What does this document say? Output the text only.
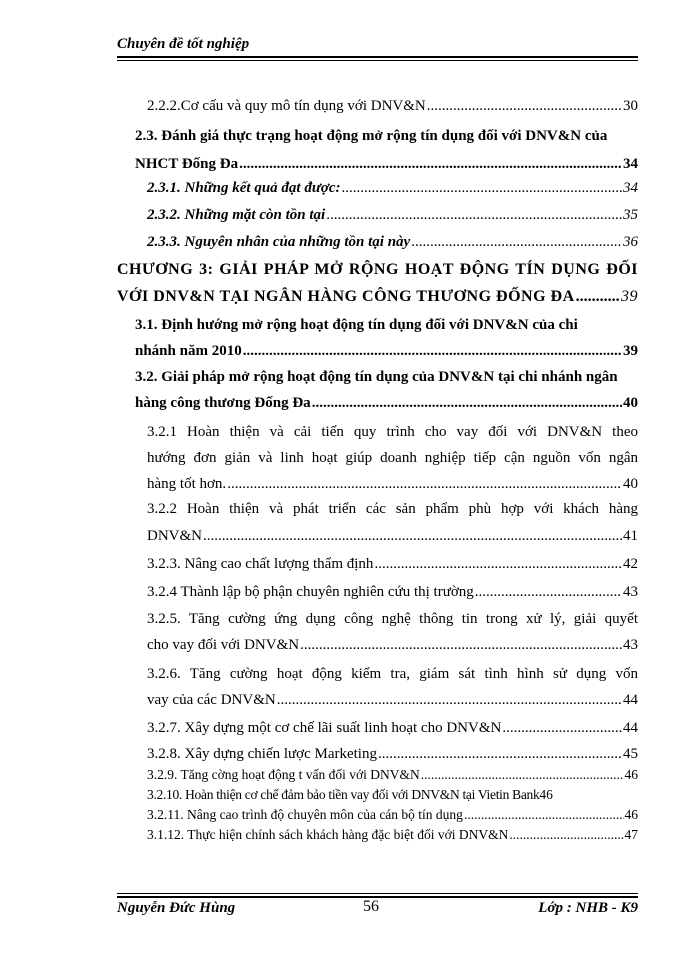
Chuyên đề tốt nghiệp
2.2.2.Cơ cấu và quy mô tín dụng với DNV&N .....	30
2.3. Đánh giá thực trạng hoạt động mở rộng tín dụng đối với DNV&N của
NHCT Đống Đa .....	34
2.3.1. Những kết quả đạt được: .....	34
2.3.2. Những mặt còn tồn tại .....	35
2.3.3. Nguyên nhân của những tồn tại này .....	36
CHƯƠNG 3: GIẢI PHÁP MỞ RỘNG HOẠT ĐỘNG TÍN DỤNG ĐỐI
VỚI DNV&N TẠI NGÂN HÀNG CÔNG THƯƠNG ĐỐNG ĐA .....	39
3.1. Định hướng mở rộng hoạt động tín dụng đối với DNV&N của chi
nhánh năm 2010 .....	39
3.2. Giải pháp mở rộng hoạt động tín dụng của DNV&N tại chi nhánh ngân
hàng công thương Đống Đa .....	40
3.2.1 Hoàn thiện và cải tiến quy trình cho vay đối với DNV&N theo
hướng đơn giản và linh hoạt giúp doanh nghiệp tiếp cận nguồn vốn ngân
hàng tốt hơn. .....	40
3.2.2 Hoàn thiện và phát triển các sản phẩm phù hợp với khách hàng
DNV&N .....	41
3.2.3. Nâng cao chất lượng thẩm định .....	42
3.2.4 Thành lập bộ phận chuyên nghiên cứu thị trường .....	43
3.2.5. Tăng cường ứng dụng công nghệ thông tin trong xử lý, giải quyết
cho vay đối với DNV&N .....	43
3.2.6. Tăng cường hoạt động kiểm tra, giám sát tình hình sử dụng vốn
vay của các DNV&N .....	44
3.2.7. Xây dựng một cơ chế lãi suất linh hoạt cho DNV&N .....	44
3.2.8. Xây dựng chiến lược Marketing .....	45
3.2.9. Tăng cờng hoạt động t vấn đối với DNV&N .....	46
3.2.10. Hoàn thiện cơ chế đảm bảo tiền vay đối với DNV&N tại Vietin Bank 46
3.2.11. Nâng cao trình độ chuyên môn của cán bộ tín dụng .....	46
3.1.12. Thực hiện chính sách khách hàng đặc biệt đối với DNV&N .....	47
Nguyễn Đức Hùng	56	Lớp : NHB - K9
